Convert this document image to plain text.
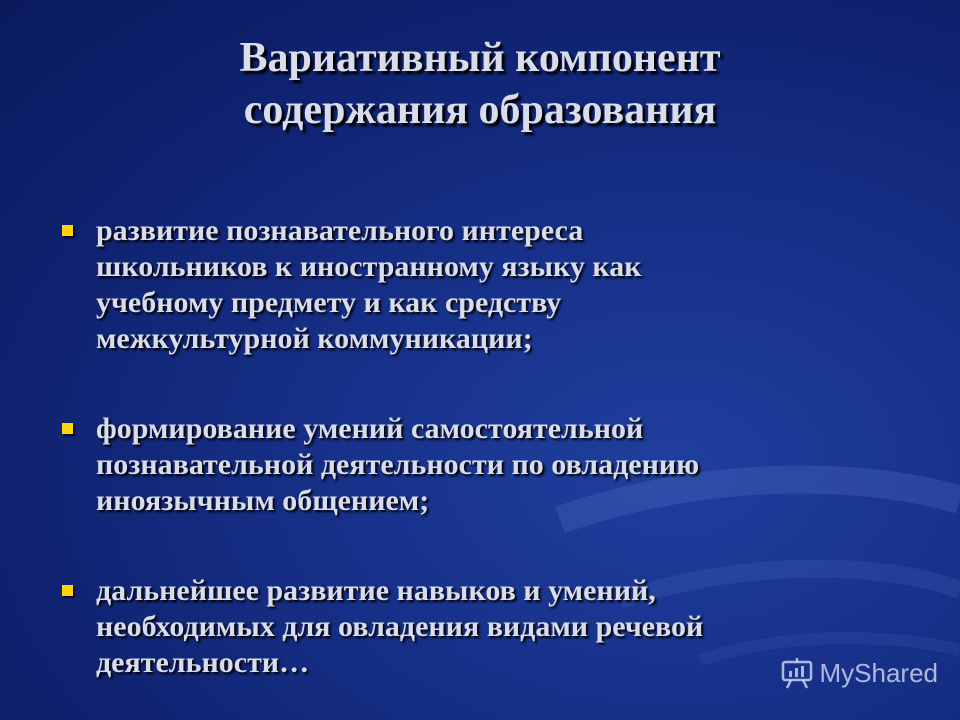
Вариативный компонент
содержания образования
развитие познавательного интереса
школьников к иностранному языку как
учебному предмету и как средству
межкультурной коммуникации;
формирование умений самостоятельной
познавательной деятельности по овладению
иноязычным общением;
дальнейшее развитие навыков и умений,
необходимых для овладения видами речевой
деятельности…	MyShared
